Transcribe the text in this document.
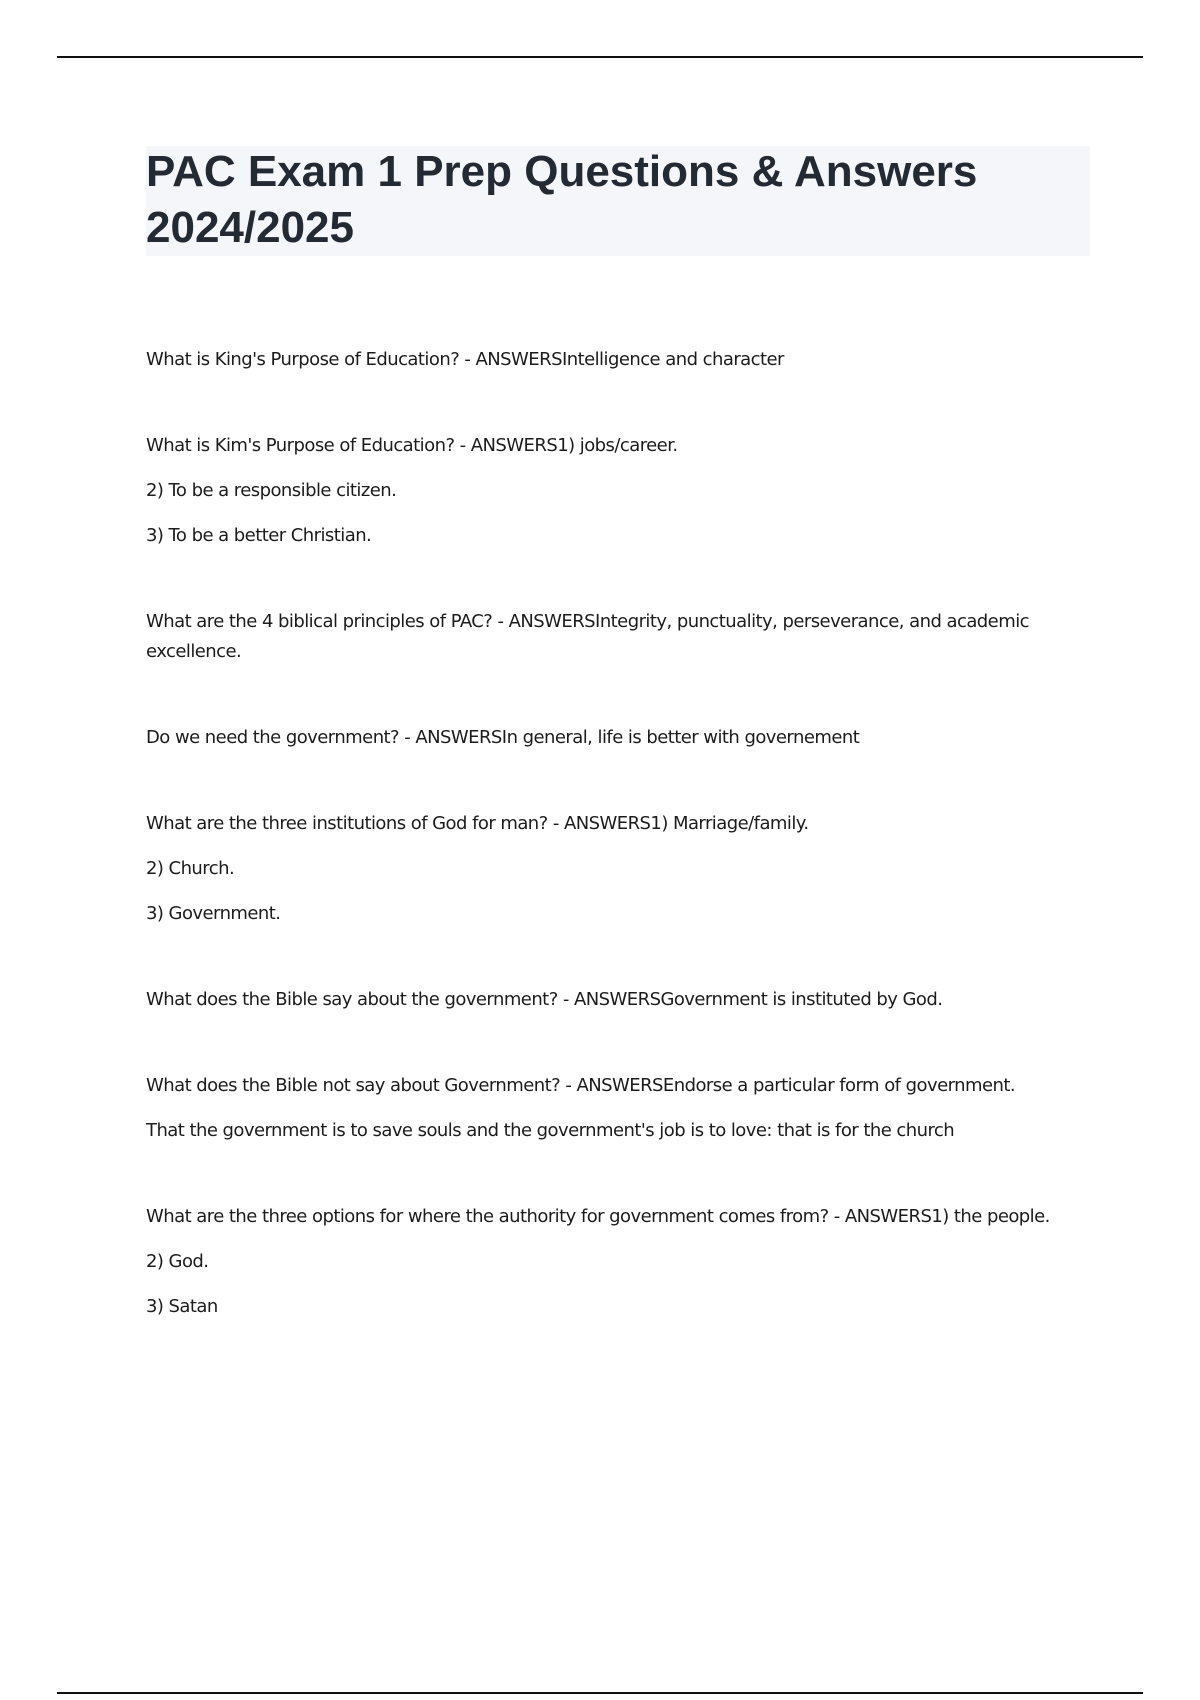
PAC Exam 1 Prep Questions & Answers 2024/2025

What is King's Purpose of Education? - ANSWERSIntelligence and character

What is Kim's Purpose of Education? - ANSWERS1) jobs/career.

2) To be a responsible citizen.

3) To be a better Christian.

What are the 4 biblical principles of PAC? - ANSWERSIntegrity, punctuality, perseverance, and academic excellence.

Do we need the government? - ANSWERSIn general, life is better with governement

What are the three institutions of God for man? - ANSWERS1) Marriage/family.

2) Church.

3) Government.

What does the Bible say about the government? - ANSWERSGovernment is instituted by God.

What does the Bible not say about Government? - ANSWERSEndorse a particular form of government.

That the government is to save souls and the government's job is to love: that is for the church

What are the three options for where the authority for government comes from? - ANSWERS1) the people.

2) God.

3) Satan
